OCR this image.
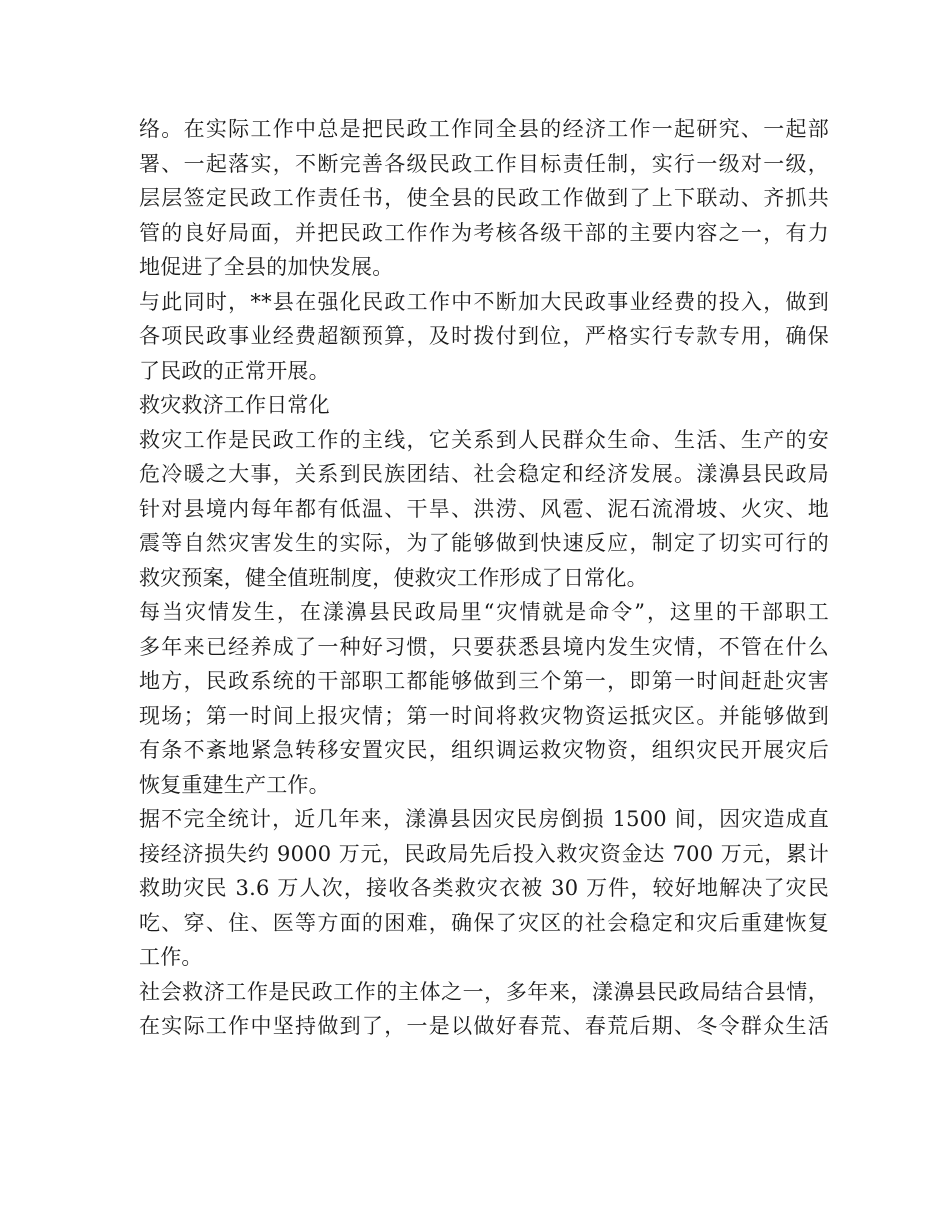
络。在实际工作中总是把民政工作同全县的经济工作一起研究、一起部
署、一起落实，不断完善各级民政工作目标责任制，实行一级对一级，
层层签定民政工作责任书，使全县的民政工作做到了上下联动、齐抓共
管的良好局面，并把民政工作作为考核各级干部的主要内容之一，有力
地促进了全县的加快发展。
与此同时，**县在强化民政工作中不断加大民政事业经费的投入，做到
各项民政事业经费超额预算，及时拨付到位，严格实行专款专用，确保
了民政的正常开展。
救灾救济工作日常化
救灾工作是民政工作的主线，它关系到人民群众生命、生活、生产的安
危冷暖之大事，关系到民族团结、社会稳定和经济发展。漾濞县民政局
针对县境内每年都有低温、干旱、洪涝、风雹、泥石流滑坡、火灾、地
震等自然灾害发生的实际，为了能够做到快速反应，制定了切实可行的
救灾预案，健全值班制度，使救灾工作形成了日常化。
每当灾情发生，在漾濞县民政局里“灾情就是命令”，这里的干部职工
多年来已经养成了一种好习惯，只要获悉县境内发生灾情，不管在什么
地方，民政系统的干部职工都能够做到三个第一，即第一时间赶赴灾害
现场；第一时间上报灾情；第一时间将救灾物资运抵灾区。并能够做到
有条不紊地紧急转移安置灾民，组织调运救灾物资，组织灾民开展灾后
恢复重建生产工作。
据不完全统计，近几年来，漾濞县因灾民房倒损 1500 间，因灾造成直
接经济损失约 9000 万元，民政局先后投入救灾资金达 700 万元，累计
救助灾民 3.6 万人次，接收各类救灾衣被 30 万件，较好地解决了灾民
吃、穿、住、医等方面的困难，确保了灾区的社会稳定和灾后重建恢复
工作。
社会救济工作是民政工作的主体之一，多年来，漾濞县民政局结合县情，
在实际工作中坚持做到了，一是以做好春荒、春荒后期、冬令群众生活
